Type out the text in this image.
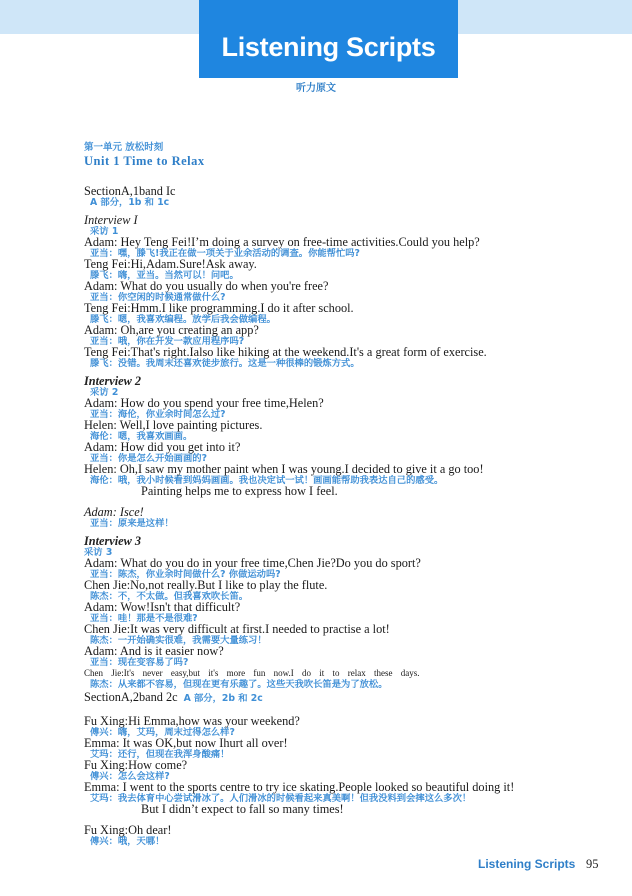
Listening Scripts
听力原文
第一单元 放松时刻
Unit 1 Time to Relax
SectionA,1band Ic
A 部分，1b 和 1c
Interview I
采访 1
Adam: Hey Teng Fei!I’m doing a survey on free-time activities.Could you help?
亚当：嘿，滕飞!我正在做一项关于业余活动的调查。你能帮忙吗?
Teng Fei:Hi,Adam.Sure!Ask away.
滕飞：嗨，亚当。当然可以！问吧。
Adam: What do you usually do when you're free?
亚当：你空闲的时候通常做什么?
Teng Fei:Hmm.I like programming.I do it after school.
滕飞：嗯，我喜欢编程。放学后我会做编程。
Adam: Oh,are you creating an app?
亚当：哦，你在开发一款应用程序吗?
Teng Fei:That's right.Ialso like hiking at the weekend.It's a great form of exercise.
滕飞：没错。我周末还喜欢徒步旅行。这是一种很棒的锻炼方式。
Interview 2
采访 2
Adam: How do you spend your free time,Helen?
亚当：海伦，你业余时间怎么过?
Helen: Well,I love painting pictures.
海伦：嗯，我喜欢画画。
Adam: How did you get into it?
亚当：你是怎么开始画画的?
Helen: Oh,I saw my mother paint when I was young.I decided to give it a go too!
海伦：哦，我小时候看到妈妈画画。我也决定试一试！画画能帮助我表达自己的感受。
Painting helps me to express how I feel.
Adam: Isce!
亚当：原来是这样！
Interview 3
采访 3
Adam: What do you do in your free time,Chen Jie?Do you do sport?
亚当：陈杰，你业余时间做什么? 你做运动吗?
Chen Jie:No,not really.But I like to play the flute.
陈杰：不，不太做。但我喜欢吹长笛。
Adam: Wow!Isn't that difficult?
亚当：哇！那是不是很难?
Chen Jie:It was very difficult at first.I needed to practise a lot!
陈杰：一开始确实很难，我需要大量练习！
Adam: And is it easier now?
亚当：现在变容易了吗?
Chen Jie:It's never easy,but it's more fun now.I do it to relax these days.
陈杰：从来都不容易，但现在更有乐趣了。这些天我吹长笛是为了放松。
SectionA,2band 2c A 部分，2b 和 2c
Fu Xing:Hi Emma,how was your weekend?
傅兴：嗨，艾玛，周末过得怎么样?
Emma: It was OK,but now Ihurt all over!
艾玛：还行，但现在我浑身酸痛！
Fu Xing:How come?
傅兴：怎么会这样?
Emma: I went to the sports centre to try ice skating.People looked so beautiful doing it!
艾玛：我去体育中心尝试滑冰了。人们滑冰的时候看起来真美啊！但我没料到会摔这么多次！
But I didn’t expect to fall so many times!
Fu Xing:Oh dear!
傅兴：哦，天哪！
Listening Scripts 95
